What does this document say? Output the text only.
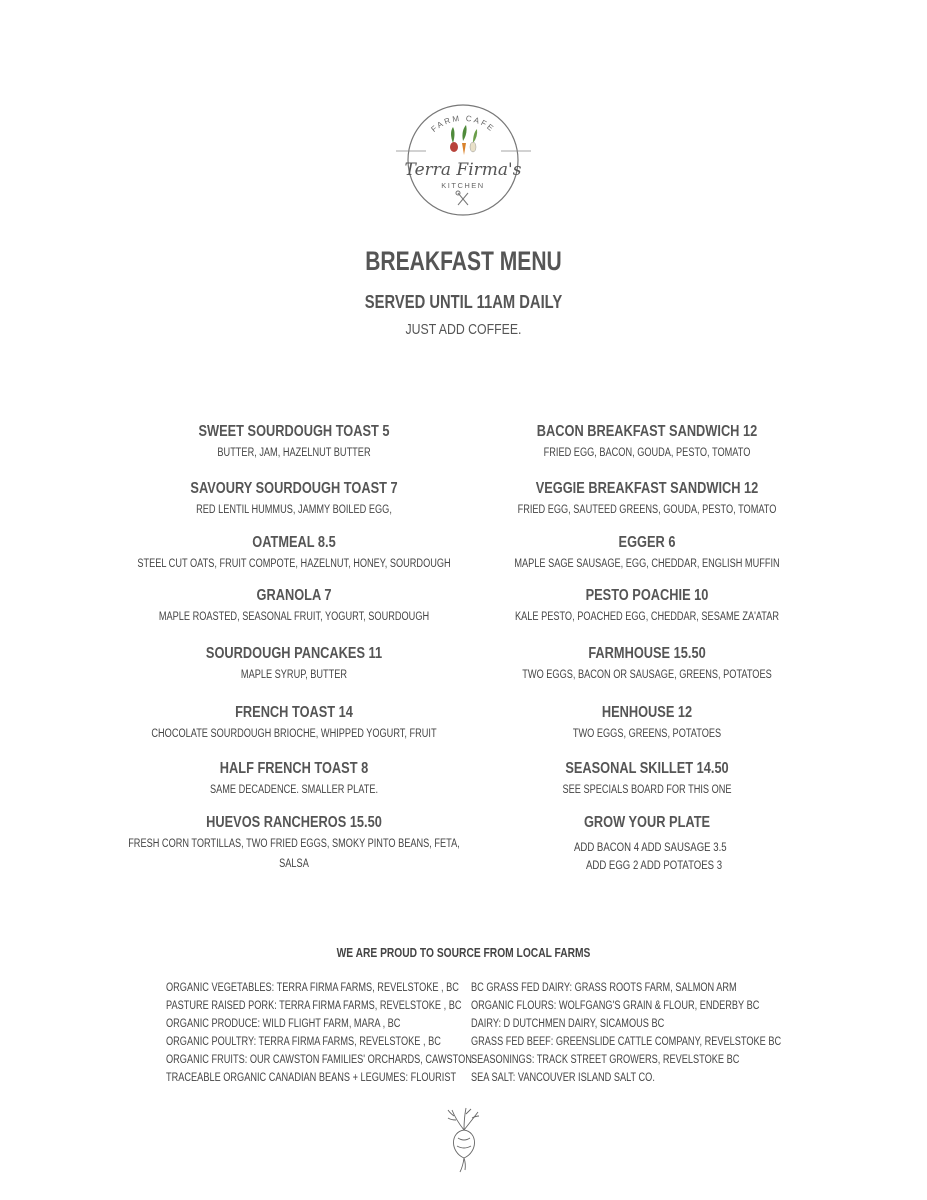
FARM CAFE
Terra Firma's
KITCHEN
BREAKFAST MENU
SERVED UNTIL 11AM DAILY
JUST ADD COFFEE.
SWEET SOURDOUGH TOAST 5
BUTTER, JAM, HAZELNUT BUTTER
SAVOURY SOURDOUGH TOAST 7
RED LENTIL HUMMUS, JAMMY BOILED EGG,
OATMEAL 8.5
STEEL CUT OATS, FRUIT COMPOTE, HAZELNUT, HONEY, SOURDOUGH
GRANOLA 7
MAPLE ROASTED, SEASONAL FRUIT, YOGURT, SOURDOUGH
SOURDOUGH PANCAKES 11
MAPLE SYRUP, BUTTER
FRENCH TOAST 14
CHOCOLATE SOURDOUGH BRIOCHE, WHIPPED YOGURT, FRUIT
HALF FRENCH TOAST 8
SAME DECADENCE. SMALLER PLATE.
HUEVOS RANCHEROS 15.50
FRESH CORN TORTILLAS, TWO FRIED EGGS, SMOKY PINTO BEANS, FETA,
SALSA
BACON BREAKFAST SANDWICH 12
FRIED EGG, BACON, GOUDA, PESTO, TOMATO
VEGGIE BREAKFAST SANDWICH 12
FRIED EGG, SAUTEED GREENS, GOUDA, PESTO, TOMATO
EGGER 6
MAPLE SAGE SAUSAGE, EGG, CHEDDAR, ENGLISH MUFFIN
PESTO POACHIE 10
KALE PESTO, POACHED EGG, CHEDDAR, SESAME ZA'ATAR
FARMHOUSE 15.50
TWO EGGS, BACON OR SAUSAGE, GREENS, POTATOES
HENHOUSE 12
TWO EGGS, GREENS, POTATOES
SEASONAL SKILLET 14.50
SEE SPECIALS BOARD FOR THIS ONE
GROW YOUR PLATE
ADD BACON 4 ADD SAUSAGE 3.5
ADD EGG 2 ADD POTATOES 3
WE ARE PROUD TO SOURCE FROM LOCAL FARMS
ORGANIC VEGETABLES: TERRA FIRMA FARMS, REVELSTOKE , BC
PASTURE RAISED PORK: TERRA FIRMA FARMS, REVELSTOKE , BC
ORGANIC PRODUCE: WILD FLIGHT FARM, MARA , BC
ORGANIC POULTRY: TERRA FIRMA FARMS, REVELSTOKE , BC
ORGANIC FRUITS: OUR CAWSTON FAMILIES' ORCHARDS, CAWSTON
TRACEABLE ORGANIC CANADIAN BEANS + LEGUMES: FLOURIST
BC GRASS FED DAIRY: GRASS ROOTS FARM, SALMON ARM
ORGANIC FLOURS: WOLFGANG'S GRAIN & FLOUR, ENDERBY BC
DAIRY: D DUTCHMEN DAIRY, SICAMOUS BC
GRASS FED BEEF: GREENSLIDE CATTLE COMPANY, REVELSTOKE BC
SEASONINGS: TRACK STREET GROWERS, REVELSTOKE BC
SEA SALT: VANCOUVER ISLAND SALT CO.
